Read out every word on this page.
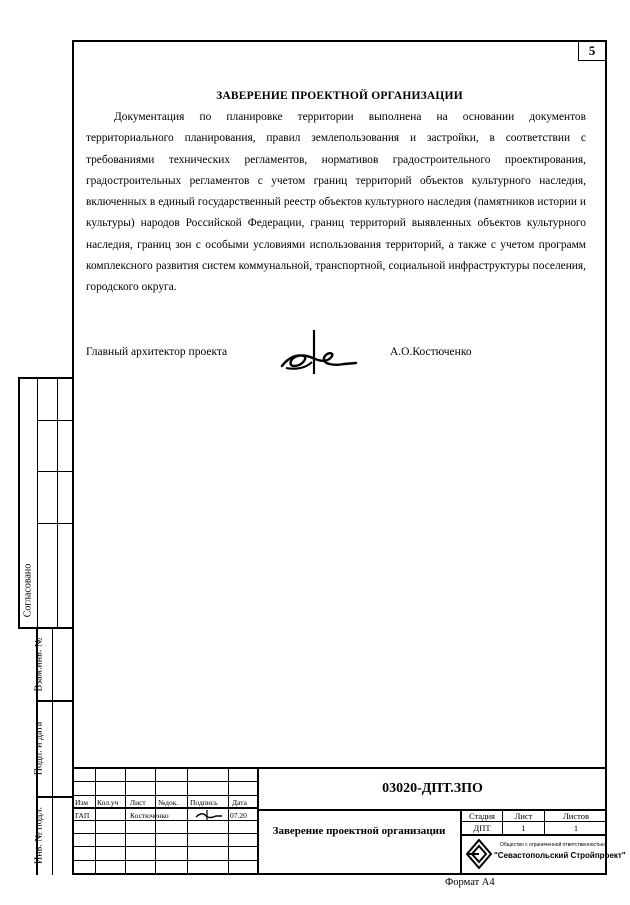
5
ЗАВЕРЕНИЕ ПРОЕКТНОЙ ОРГАНИЗАЦИИ

Документация по планировке территории выполнена на основании документов территориального планирования, правил землепользования и застройки, в соответствии с требованиями технических регламентов, нормативов градостроительного проектирования, градостроительных регламентов с учетом границ территорий объектов культурного наследия, включенных в единый государственный реестр объектов культурного наследия (памятников истории и культуры) народов Российской Федерации, границ территорий выявленных объектов культурного наследия, границ зон с особыми условиями использования территорий, а также с учетом программ комплексного развития систем коммунальной, транспортной, социальной инфраструктуры поселения, городского округа.

Главный архитектор проекта	А.О.Костюченко
Согласовано
Взам.инв. №
Подп. и дата
Инв. № подл.
Изм Кол.уч Лист №док. Подпись Дата
ГАП	Костюченко	07.20
03020-ДПТ.ЗПО
Заверение проектной организации
Стадия	Лист	Листов
ДПТ	1	1
Общество с ограниченной ответственностью
"Севастопольский Стройпроект"
Формат А4
